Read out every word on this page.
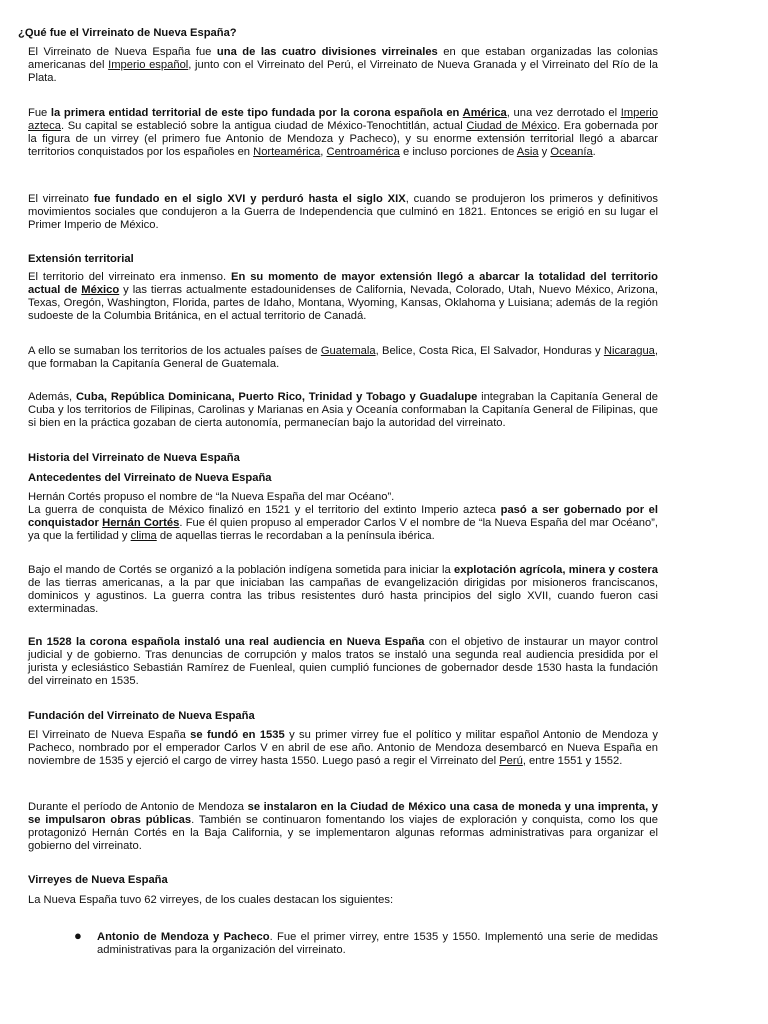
¿Qué fue el Virreinato de Nueva España?

El Virreinato de Nueva España fue una de las cuatro divisiones virreinales en que estaban organizadas las colonias americanas del Imperio español, junto con el Virreinato del Perú, el Virreinato de Nueva Granada y el Virreinato del Río de la Plata.

Fue la primera entidad territorial de este tipo fundada por la corona española en América, una vez derrotado el Imperio azteca. Su capital se estableció sobre la antigua ciudad de México-Tenochtitlán, actual Ciudad de México. Era gobernada por la figura de un virrey (el primero fue Antonio de Mendoza y Pacheco), y su enorme extensión territorial llegó a abarcar territorios conquistados por los españoles en Norteamérica, Centroamérica e incluso porciones de Asia y Oceanía.

El virreinato fue fundado en el siglo XVI y perduró hasta el siglo XIX, cuando se produjeron los primeros y definitivos movimientos sociales que condujeron a la Guerra de Independencia que culminó en 1821. Entonces se erigió en su lugar el Primer Imperio de México.

Extensión territorial

El territorio del virreinato era inmenso. En su momento de mayor extensión llegó a abarcar la totalidad del territorio actual de México y las tierras actualmente estadounidenses de California, Nevada, Colorado, Utah, Nuevo México, Arizona, Texas, Oregón, Washington, Florida, partes de Idaho, Montana, Wyoming, Kansas, Oklahoma y Luisiana; además de la región sudoeste de la Columbia Británica, en el actual territorio de Canadá.

A ello se sumaban los territorios de los actuales países de Guatemala, Belice, Costa Rica, El Salvador, Honduras y Nicaragua, que formaban la Capitanía General de Guatemala.

Además, Cuba, República Dominicana, Puerto Rico, Trinidad y Tobago y Guadalupe integraban la Capitanía General de Cuba y los territorios de Filipinas, Carolinas y Marianas en Asia y Oceanía conformaban la Capitanía General de Filipinas, que si bien en la práctica gozaban de cierta autonomía, permanecían bajo la autoridad del virreinato.

Historia del Virreinato de Nueva España

Antecedentes del Virreinato de Nueva España

Hernán Cortés propuso el nombre de “la Nueva España del mar Océano”.
La guerra de conquista de México finalizó en 1521 y el territorio del extinto Imperio azteca pasó a ser gobernado por el conquistador Hernán Cortés. Fue él quien propuso al emperador Carlos V el nombre de “la Nueva España del mar Océano”, ya que la fertilidad y clima de aquellas tierras le recordaban a la península ibérica.

Bajo el mando de Cortés se organizó a la población indígena sometida para iniciar la explotación agrícola, minera y costera de las tierras americanas, a la par que iniciaban las campañas de evangelización dirigidas por misioneros franciscanos, dominicos y agustinos. La guerra contra las tribus resistentes duró hasta principios del siglo XVII, cuando fueron casi exterminadas.

En 1528 la corona española instaló una real audiencia en Nueva España con el objetivo de instaurar un mayor control judicial y de gobierno. Tras denuncias de corrupción y malos tratos se instaló una segunda real audiencia presidida por el jurista y eclesiástico Sebastián Ramírez de Fuenleal, quien cumplió funciones de gobernador desde 1530 hasta la fundación del virreinato en 1535.

Fundación del Virreinato de Nueva España

El Virreinato de Nueva España se fundó en 1535 y su primer virrey fue el político y militar español Antonio de Mendoza y Pacheco, nombrado por el emperador Carlos V en abril de ese año. Antonio de Mendoza desembarcó en Nueva España en noviembre de 1535 y ejerció el cargo de virrey hasta 1550. Luego pasó a regir el Virreinato del Perú, entre 1551 y 1552.

Durante el período de Antonio de Mendoza se instalaron en la Ciudad de México una casa de moneda y una imprenta, y se impulsaron obras públicas. También se continuaron fomentando los viajes de exploración y conquista, como los que protagonizó Hernán Cortés en la Baja California, y se implementaron algunas reformas administrativas para organizar el gobierno del virreinato.

Virreyes de Nueva España

La Nueva España tuvo 62 virreyes, de los cuales destacan los siguientes:

● Antonio de Mendoza y Pacheco. Fue el primer virrey, entre 1535 y 1550. Implementó una serie de medidas administrativas para la organización del virreinato.
